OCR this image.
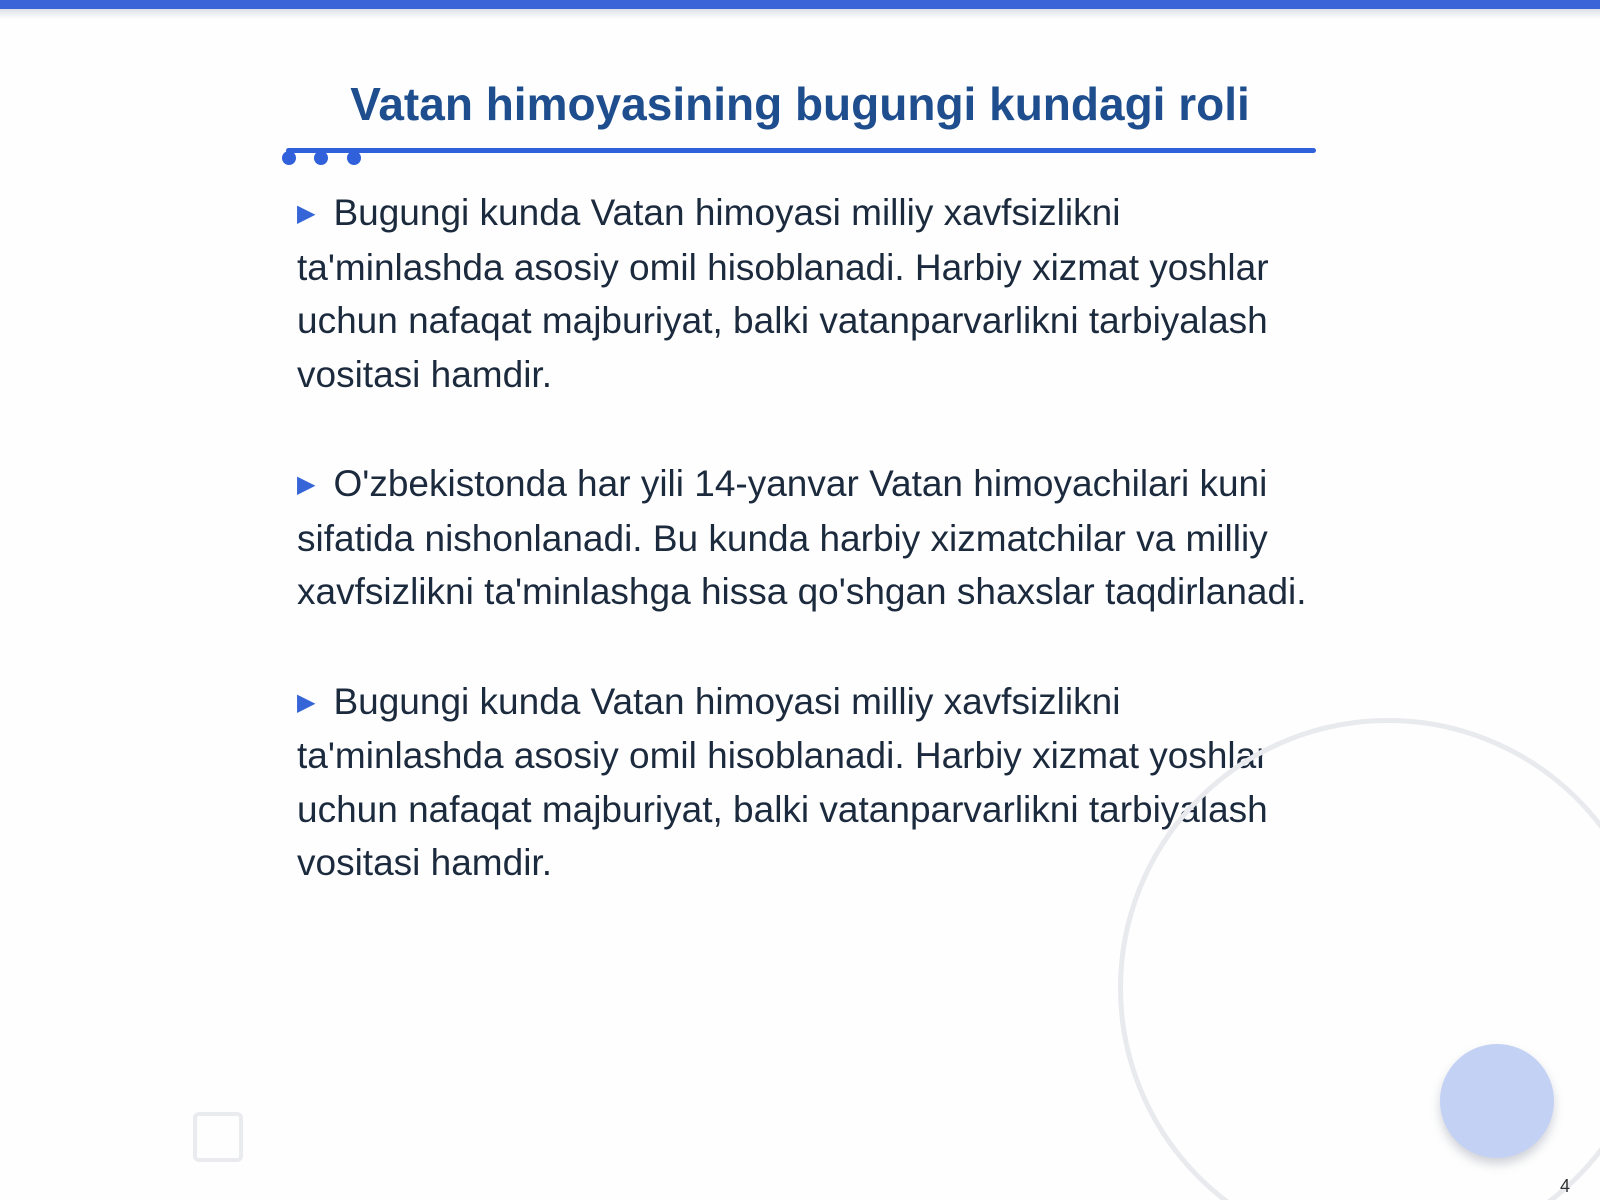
Vatan himoyasining bugungi kundagi roli

▶ Bugungi kunda Vatan himoyasi milliy xavfsizlikni ta'minlashda asosiy omil hisoblanadi. Harbiy xizmat yoshlar uchun nafaqat majburiyat, balki vatanparvarlikni tarbiyalash vositasi hamdir.

▶ O'zbekistonda har yili 14-yanvar Vatan himoyachilari kuni sifatida nishonlanadi. Bu kunda harbiy xizmatchilar va milliy xavfsizlikni ta'minlashga hissa qo'shgan shaxslar taqdirlanadi.

▶ Bugungi kunda Vatan himoyasi milliy xavfsizlikni ta'minlashda asosiy omil hisoblanadi. Harbiy xizmat yoshlar uchun nafaqat majburiyat, balki vatanparvarlikni tarbiyalash vositasi hamdir.

4
